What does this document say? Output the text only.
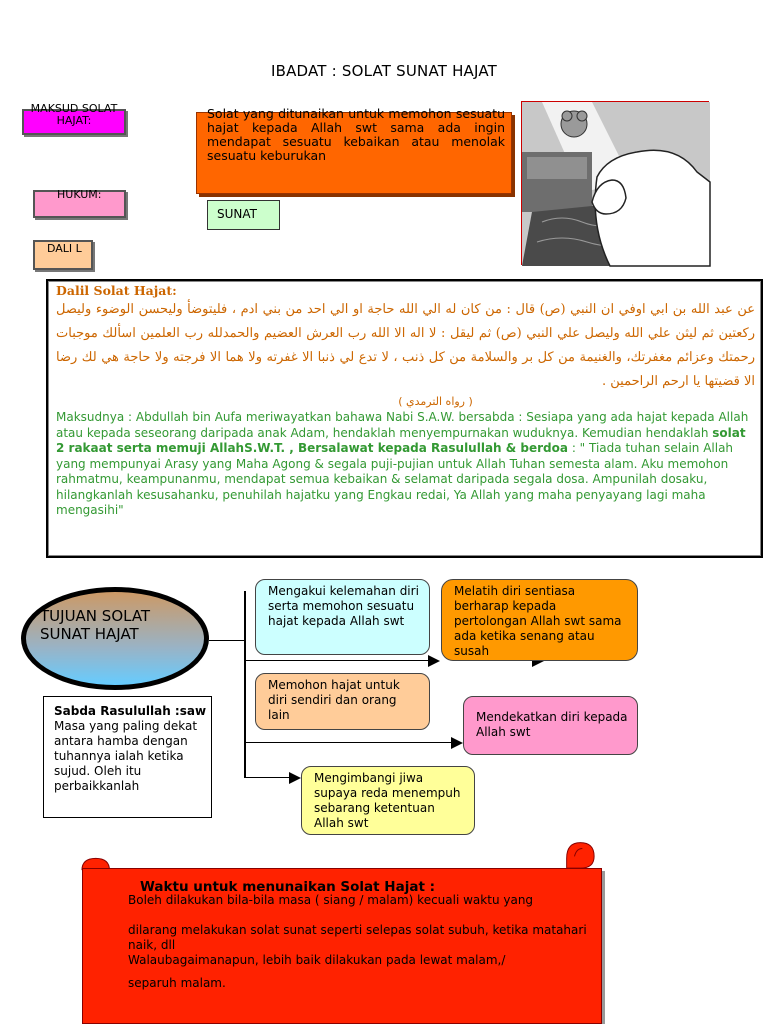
IBADAT : SOLAT SUNAT HAJAT
MAKSUD SOLAT HAJAT:	Solat yang ditunaikan untuk memohon sesuatu hajat kepada Allah swt sama ada ingin mendapat sesuatu kebaikan atau menolak sesuatu keburukan
HUKUM:
SUNAT
DALI L
Dalil Solat Hajat:
عن عبد الله بن ابي اوفي ان النبي (ص) قال : من كان له الي الله حاجة او الي احد من بني ادم ، فليتوضأ وليحسن الوضوء وليصل ركعتين ثم ليثن علي الله وليصل علي النبي (ص) ثم ليقل : لا اله الا الله رب العرش العضيم والحمدلله رب العلمين اسألك موجبات رحمتك وعزائم مغفرتك، والغنيمة من كل بر والسلامة من كل ذنب ، لا تدع لي ذنبا الا غفرته ولا هما الا فرجته ولا حاجة هي لك رضا الا قضيتها يا ارحم الراحمين .
( رواه الترمدي )
Maksudnya : Abdullah bin Aufa meriwayatkan bahawa Nabi S.A.W. bersabda : Sesiapa yang ada hajat kepada Allah atau kepada seseorang daripada anak Adam, hendaklah menyempurnakan wuduknya. Kemudian hendaklah solat 2 rakaat serta memuji AllahS.W.T. , Bersalawat kepada Rasulullah & berdoa : " Tiada tuhan selain Allah yang mempunyai Arasy yang Maha Agong & segala puji-pujian untuk Allah Tuhan semesta alam. Aku memohon rahmatmu, keampunanmu, mendapat semua kebaikan & selamat daripada segala dosa. Ampunilah dosaku, hilangkanlah kesusahanku, penuhilah hajatku yang Engkau redai, Ya Allah yang maha penyayang lagi maha mengasihi"
TUJUAN SOLAT SUNAT HAJAT
Mengakui kelemahan diri serta memohon sesuatu hajat kepada Allah swt
Melatih diri sentiasa berharap kepada pertolongan Allah swt sama ada ketika senang atau susah
Memohon hajat untuk diri sendiri dan orang lain	Mendekatkan diri kepada Allah swt
Mengimbangi jiwa supaya reda menempuh sebarang ketentuan Allah swt
Sabda Rasulullah :saw
Masa yang paling dekat antara hamba dengan tuhannya ialah ketika sujud. Oleh itu perbaikkanlah
Waktu untuk menunaikan Solat Hajat :
Boleh dilakukan bila-bila masa ( siang / malam) kecuali waktu yang
dilarang melakukan solat sunat seperti selepas solat subuh, ketika matahari naik, dll
Walaubagaimanapun, lebih baik dilakukan pada lewat malam,/
separuh malam.
